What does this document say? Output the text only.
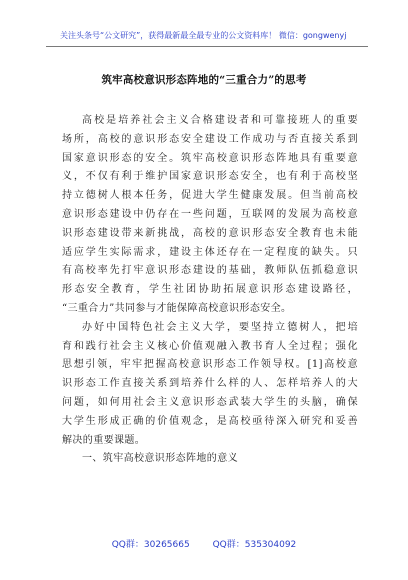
关注头条号“公文研究”，获得最新最全最专业的公文资料库！ 微信：gongwenyj
筑牢高校意识形态阵地的“三重合力”的思考
高校是培养社会主义合格建设者和可靠接班人的重要
场所，高校的意识形态安全建设工作成功与否直接关系到
国家意识形态的安全。筑牢高校意识形态阵地具有重要意
义，不仅有利于维护国家意识形态安全，也有利于高校坚
持立德树人根本任务，促进大学生健康发展。但当前高校
意识形态建设中仍存在一些问题，互联网的发展为高校意
识形态建设带来新挑战，高校的意识形态安全教育也未能
适应学生实际需求，建设主体还存在一定程度的缺失。只
有高校率先打牢意识形态建设的基础，教师队伍抓稳意识
形态安全教育，学生社团协助拓展意识形态建设路径，
“三重合力”共同参与才能保障高校意识形态安全。
办好中国特色社会主义大学，要坚持立德树人，把培
育和践行社会主义核心价值观融入教书育人全过程；强化
思想引领，牢牢把握高校意识形态工作领导权。[1]高校意
识形态工作直接关系到培养什么样的人、怎样培养人的大
问题，如何用社会主义意识形态武装大学生的头脑，确保
大学生形成正确的价值观念，是高校亟待深入研究和妥善
解决的重要课题。
一、筑牢高校意识形态阵地的意义
QQ群：30265665	QQ群：535304092
